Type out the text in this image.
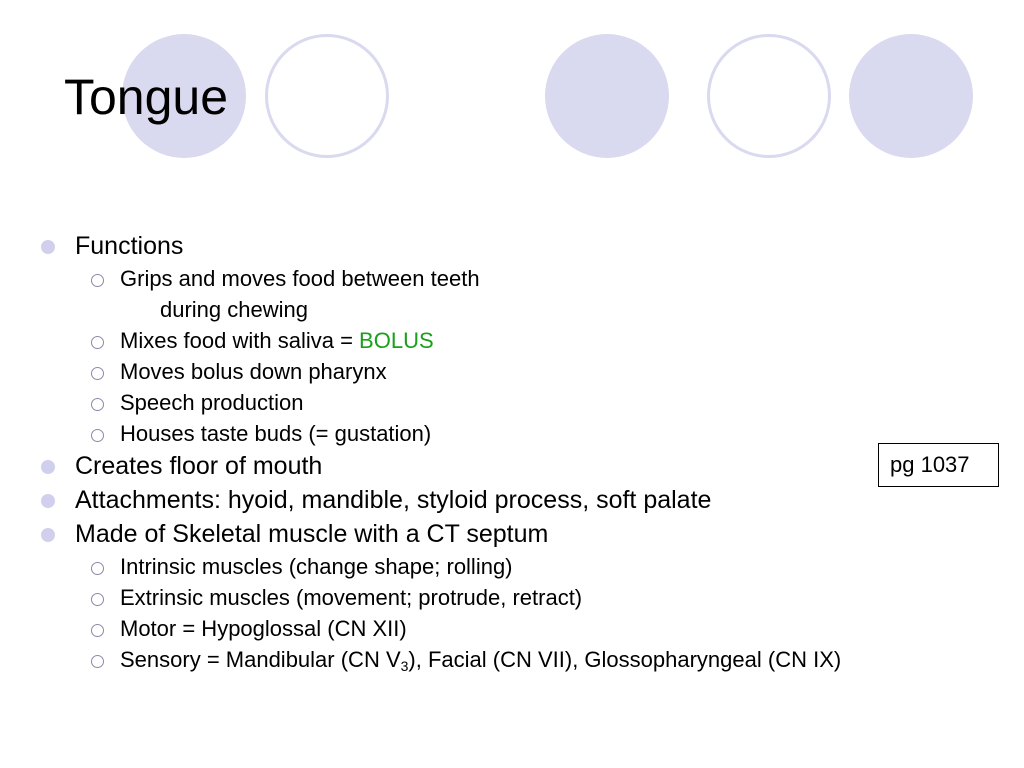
Tongue
Functions
Grips and moves food between teeth
during chewing
Mixes food with saliva = BOLUS
Moves bolus down pharynx
Speech production
Houses taste buds (= gustation)
Creates floor of mouth
Attachments: hyoid, mandible, styloid process, soft palate
Made of Skeletal muscle with a CT septum
Intrinsic muscles (change shape; rolling)
Extrinsic muscles (movement; protrude, retract)
Motor = Hypoglossal (CN XII)
Sensory = Mandibular (CN $V_3$), Facial (CN VII), Glossopharyngeal (CN IX)
pg 1037
